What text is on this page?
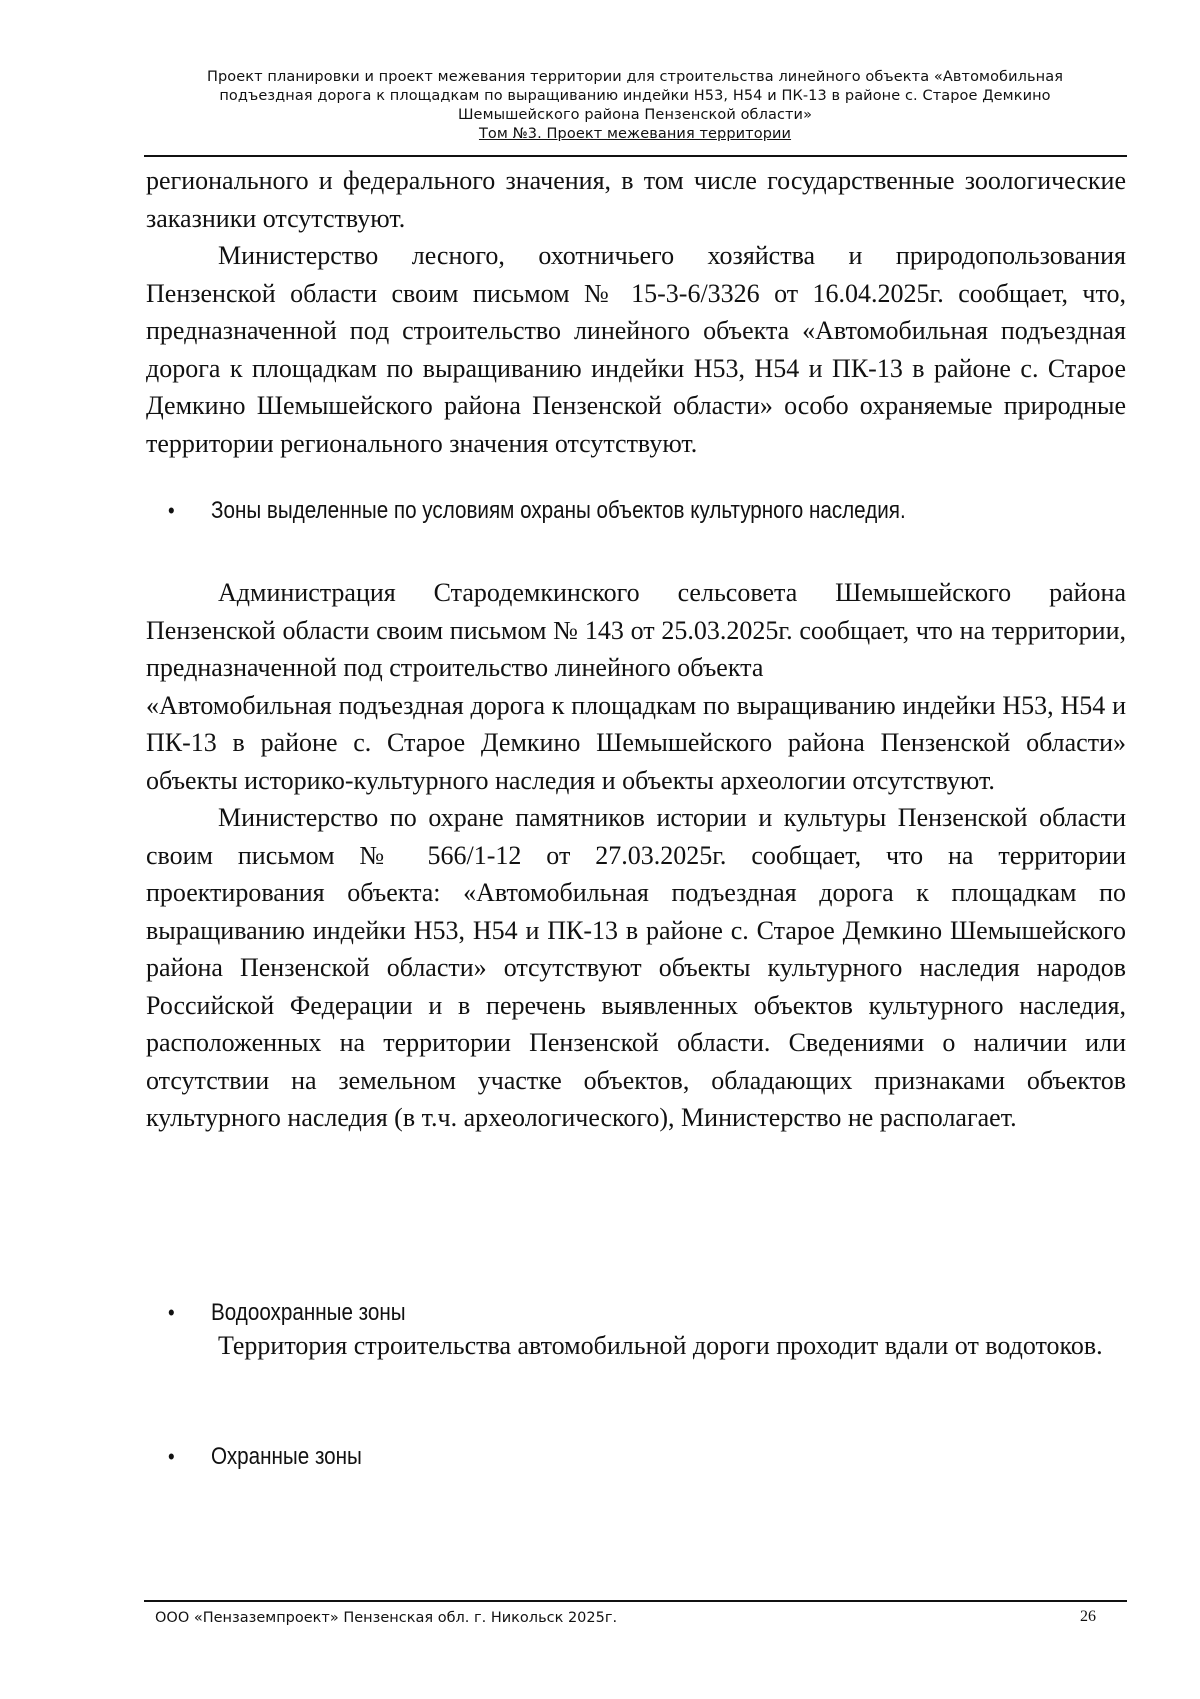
Проект планировки и проект межевания территории для строительства линейного объекта «Автомобильная
подъездная дорога к площадкам по выращиванию индейки Н53, Н54 и ПК-13 в районе с. Старое Демкино
Шемышейского района Пензенской области»
Том №3. Проект межевания территории

регионального и федерального значения, в том числе государственные зоологические заказники отсутствуют.

Министерство лесного, охотничьего хозяйства и природопользования Пензенской области своим письмом № 15-3-6/3326 от 16.04.2025г. сообщает, что, предназначенной под строительство линейного объекта «Автомобильная подъездная дорога к площадкам по выращиванию индейки Н53, Н54 и ПК-13 в районе с. Старое Демкино Шемышейского района Пензенской области» особо охраняемые природные территории регионального значения отсутствуют.

• Зоны выделенные по условиям охраны объектов культурного наследия.

Администрация Стародемкинского сельсовета Шемышейского района Пензенской области своим письмом № 143 от 25.03.2025г. сообщает, что на территории, предназначенной под строительство линейного объекта

«Автомобильная подъездная дорога к площадкам по выращиванию индейки Н53, Н54 и ПК-13 в районе с. Старое Демкино Шемышейского района Пензенской области» объекты историко-культурного наследия и объекты археологии отсутствуют.

Министерство по охране памятников истории и культуры Пензенской области своим письмом № 566/1-12 от 27.03.2025г. сообщает, что на территории проектирования объекта: «Автомобильная подъездная дорога к площадкам по выращиванию индейки Н53, Н54 и ПК-13 в районе с. Старое Демкино Шемышейского района Пензенской области» отсутствуют объекты культурного наследия народов Российской Федерации и в перечень выявленных объектов культурного наследия, расположенных на территории Пензенской области. Сведениями о наличии или отсутствии на земельном участке объектов, обладающих признаками объектов культурного наследия (в т.ч. археологического), Министерство не располагает.

• Водоохранные зоны

Территория строительства автомобильной дороги проходит вдали от водотоков.

• Охранные зоны
ООО «Пензаземпроект» Пензенская обл. г. Никольск 2025г.	26
